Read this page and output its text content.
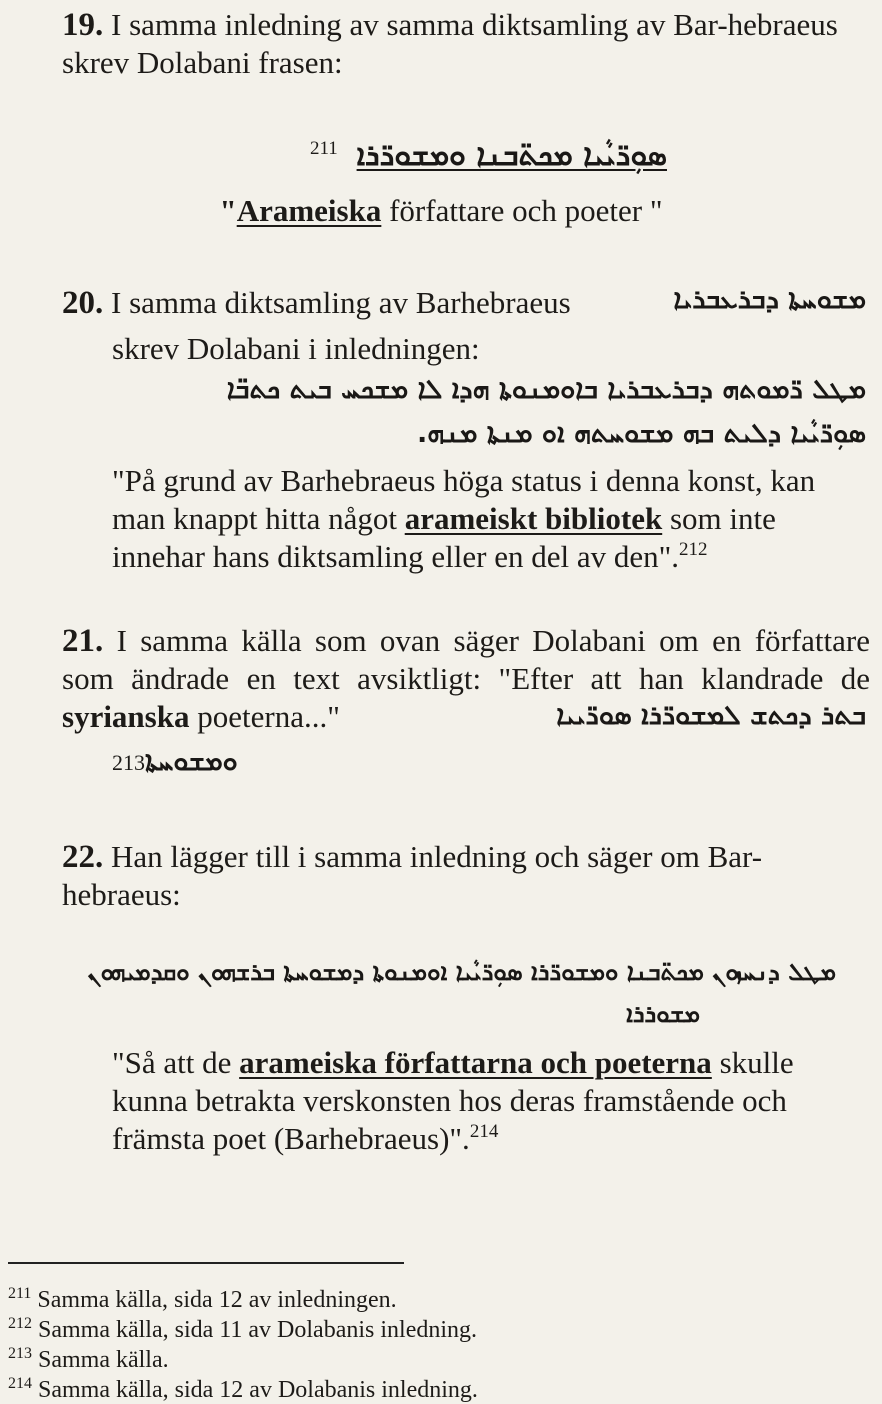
19. I samma inledning av samma diktsamling av Bar-hebraeus skrev Dolabani frasen:
ܣܘܼܪ̈ܝܵܝܐ ܡܟܬ̈ܒܢܐ ܘܡܫܘܪ̈ܪܐ
211
"Arameiska författare och poeter "
20. I samma diktsamling av Barhebraeus	ܡܫܘܚܬܐ ܕܒܪܥܒܪܝܐ
skrev Dolabani i inledningen:
ܡܛܠ ܪ̈ܡܘܬܗ ܕܒܪܥܒܪܝܐ ܒܐܘܡܢܘܬܐ ܗܕܐ ܠܐ ܡܫܟܚ ܒܝܬ ܟܬܒ̈ܐ
ܣܘܼܪ̈ܝܵܝܐ ܕܠܝܬ ܒܗ ܡܫܘܚܬܗ ܐܘ ܡܢܬܐ ܡܢܗ.
"På grund av Barhebraeus höga status i denna konst, kan man knappt hitta något arameiskt bibliotek som inte innehar hans diktsamling eller en del av den".$^{212}$
21. I samma källa som ovan säger Dolabani om en författare som ändrade en text avsiktligt: "Efter att han klandrade de syrianska poeterna..."	ܒܬܪ ܕܟܬܫ ܠܡܫܘܪ̈ܪܐ ܣܘܪ̈ܝܝܐ
213ܘܡܫܘܚܬܐ
22. Han lägger till i samma inledning och säger om Bar-hebraeus:
ܡܛܠ ܕܢܚܙܘܢ ܡܟܬ̈ܒܢܐ ܘܡܫܘܪ̈ܪܐ ܣܘܼܪ̈ܝܵܝܐ ܐܘܡܢܘܬܐ ܕܡܫܘܚܬܐ ܒܪܫܗܘܢ ܘܩܕܡܝܗܘܢ
ܡܫܘܪܪܐ
"Så att de arameiska författarna och poeterna skulle kunna betrakta verskonsten hos deras framstående och främsta poet (Barhebraeus)".$^{214}$
$^{211}$ Samma källa, sida 12 av inledningen.
$^{212}$ Samma källa, sida 11 av Dolabanis inledning.
$^{213}$ Samma källa.
$^{214}$ Samma källa, sida 12 av Dolabanis inledning.
